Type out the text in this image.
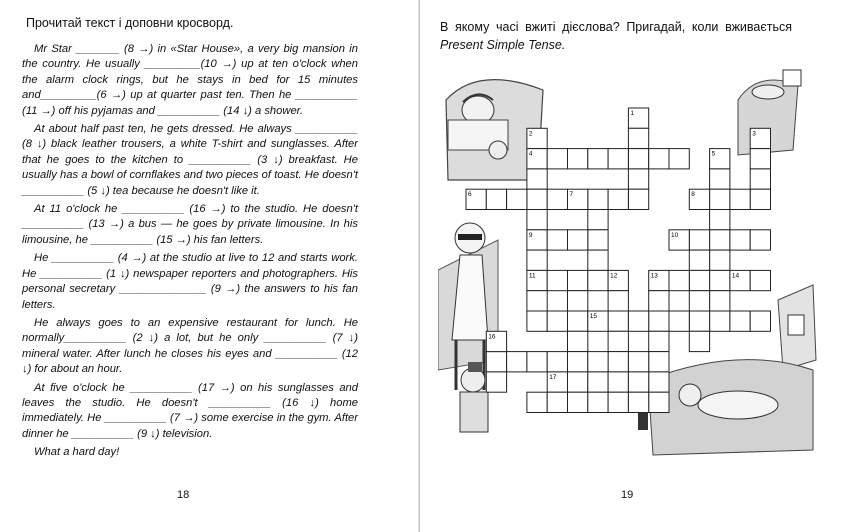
Прочитай текст і доповни кросворд.

Mr Star _______ (8 →) in «Star House», a very big mansion in the country. He usually _________(10 →) up at ten o'clock when the alarm clock rings, but he stays in bed for 15 minutes and_________(6 →) up at quarter past ten. Then he __________ (11 →) off his pyjamas and __________ (14 ↓) a shower.

At about half past ten, he gets dressed. He always __________ (8 ↓) black leather trousers, a white T-shirt and sunglasses. After that he goes to the kitchen to __________ (3 ↓) breakfast. He usually has a bowl of cornflakes and two pieces of toast. He doesn't __________ (5 ↓) tea because he doesn't like it.

At 11 o'clock he __________ (16 →) to the studio. He doesn't __________ (13 →) a bus — he goes by private limousine. In his limousine, he __________ (15 →) his fan letters.

He __________ (4 →) at the studio at live to 12 and starts work. He __________ (1 ↓) newspaper reporters and photographers. His personal secretary ______________ (9 →) the answers to his fan letters.

He always goes to an expensive restaurant for lunch. He normally__________ (2 ↓) a lot, but he only __________ (7 ↓) mineral water. After lunch he closes his eyes and __________ (12 ↓) for about an hour.

At five o'clock he __________ (17 →) on his sunglasses and leaves the studio. He doesn't __________ (16 ↓) home immediately. He __________ (7 →) some exercise in the gym. After dinner he __________ (9 ↓) television.

What a hard day!

18
В якому часі вжиті дієслова? Пригадай, коли вживається Present Simple Tense.
19
1
2
4
9
11
3
5
6	7	8
10
12	13	14
15
16
17
